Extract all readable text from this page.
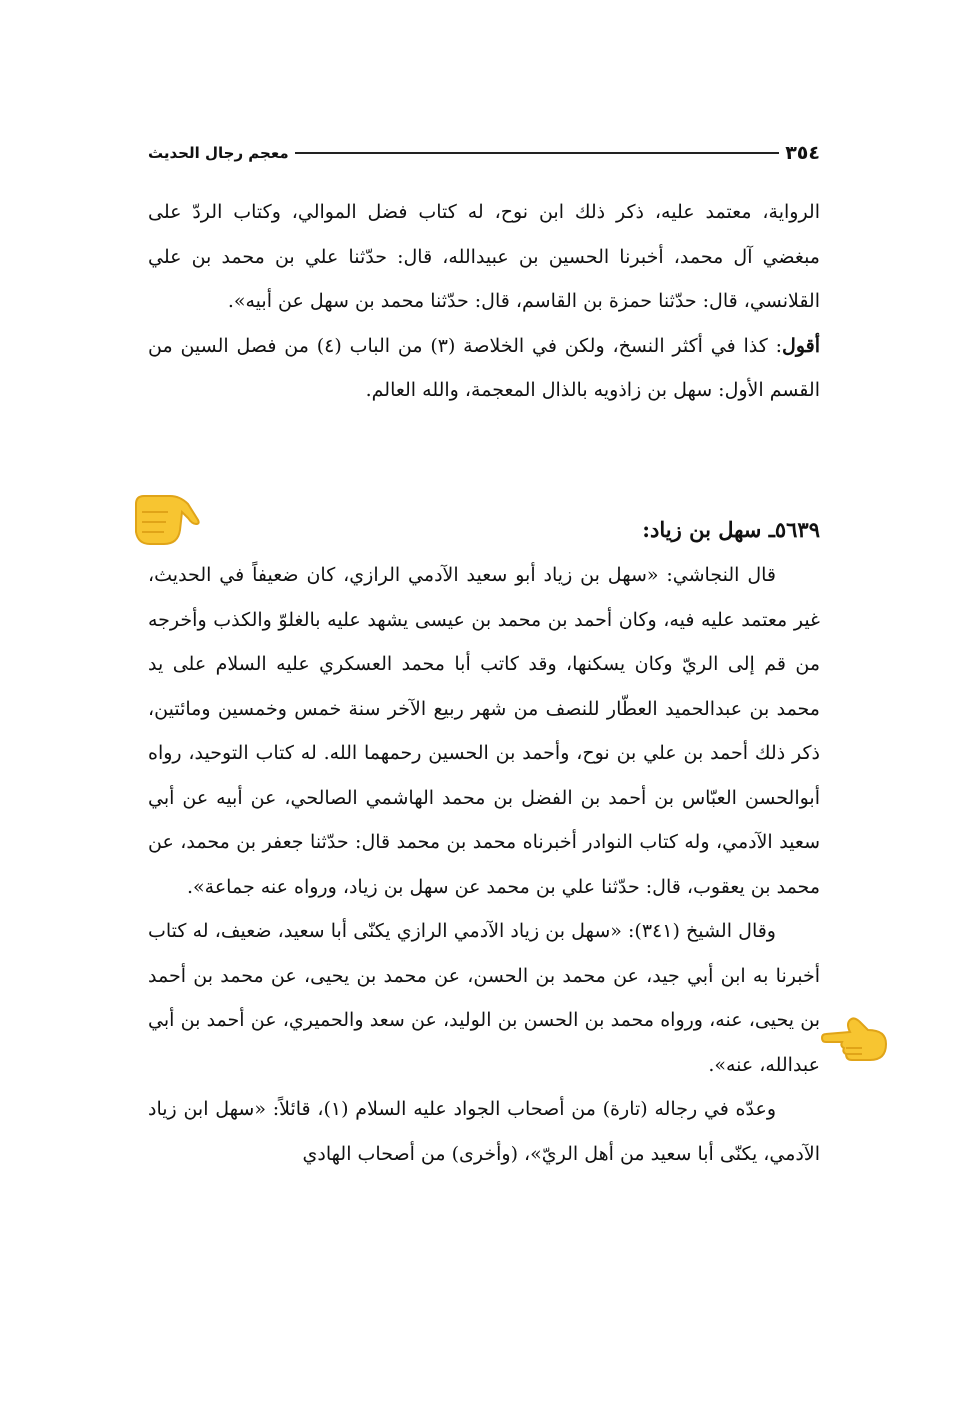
٣٥٤
معجم رجال الحديث

الرواية، معتمد عليه، ذكر ذلك ابن نوح، له كتاب فضل الموالي، وكتاب الردّ على مبغضي آل محمد، أخبرنا الحسين بن عبيدالله، قال: حدّثنا علي بن محمد بن علي القلانسي، قال: حدّثنا حمزة بن القاسم، قال: حدّثنا محمد بن سهل عن أبيه».

أقول: كذا في أكثر النسخ، ولكن في الخلاصة (٣) من الباب (٤) من فصل السين من القسم الأول: سهل بن زاذويه بالذال المعجمة، والله العالم.

٥٦٣٩ـ سهل بن زياد:

قال النجاشي: «سهل بن زياد أبو سعيد الآدمي الرازي، كان ضعيفاً في الحديث، غير معتمد عليه فيه، وكان أحمد بن محمد بن عيسى يشهد عليه بالغلوّ والكذب وأخرجه من قم إلى الريّ وكان يسكنها، وقد كاتب أبا محمد العسكري عليه السلام على يد محمد بن عبدالحميد العطّار للنصف من شهر ربيع الآخر سنة خمس وخمسين ومائتين، ذكر ذلك أحمد بن علي بن نوح، وأحمد بن الحسين رحمهما الله. له كتاب التوحيد، رواه أبوالحسن العبّاس بن أحمد بن الفضل بن محمد الهاشمي الصالحي، عن أبيه عن أبي سعيد الآدمي، وله كتاب النوادر أخبرناه محمد بن محمد قال: حدّثنا جعفر بن محمد، عن محمد بن يعقوب، قال: حدّثنا علي بن محمد عن سهل بن زياد، ورواه عنه جماعة».

وقال الشيخ (٣٤١): «سهل بن زياد الآدمي الرازي يكنّى أبا سعيد، ضعيف، له كتاب أخبرنا به ابن أبي جيد، عن محمد بن الحسن، عن محمد بن يحيى، عن محمد بن أحمد بن يحيى، عنه، ورواه محمد بن الحسن بن الوليد، عن سعد والحميري، عن أحمد بن أبي عبدالله، عنه».

وعدّه في رجاله (تارة) من أصحاب الجواد عليه السلام (١)، قائلاً: «سهل ابن زياد الآدمي، يكنّى أبا سعيد من أهل الريّ»، (وأخرى) من أصحاب الهادي
